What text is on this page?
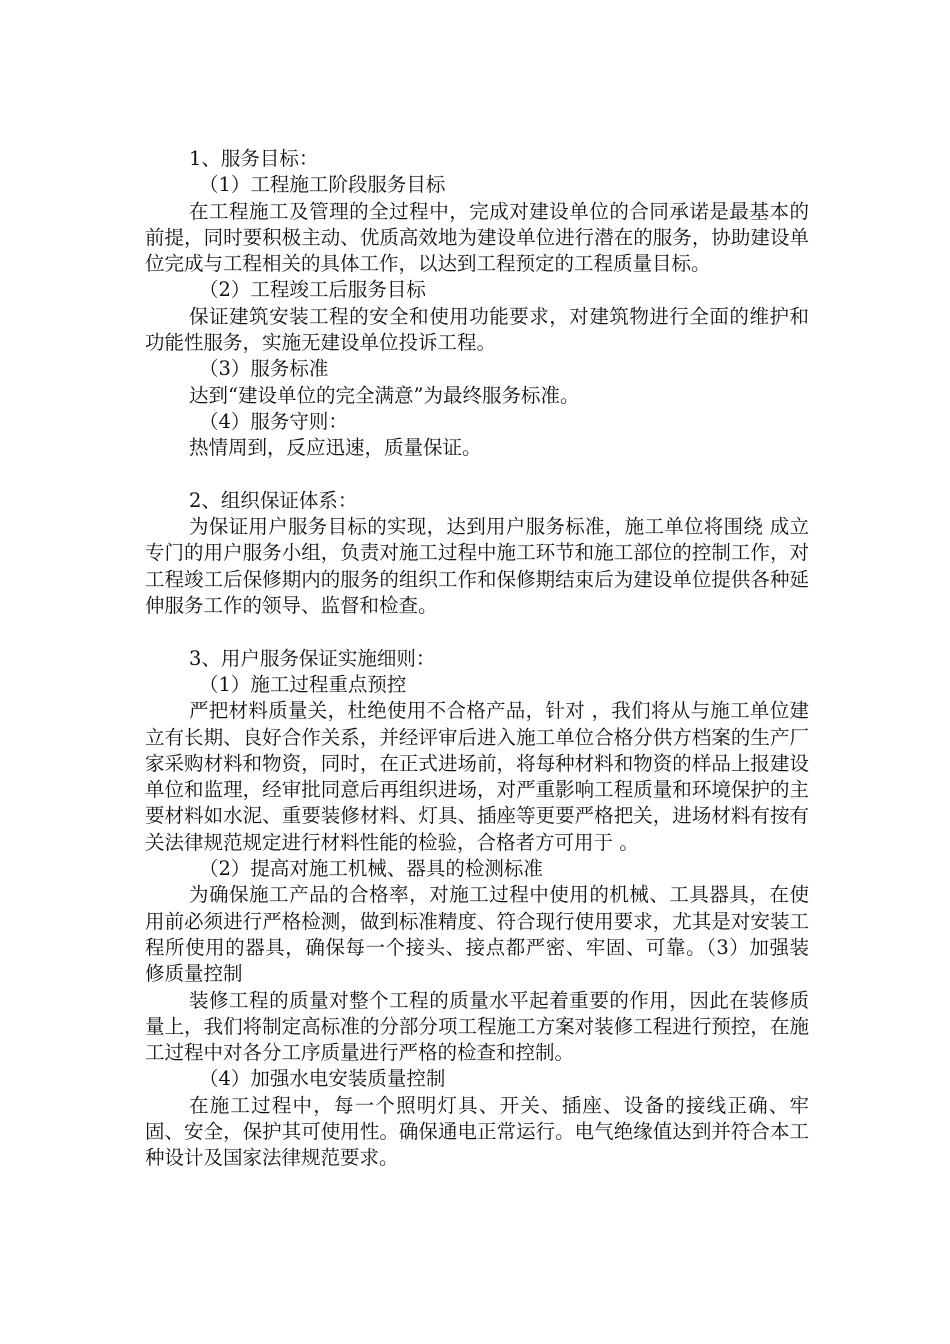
1、服务目标：
（1）工程施工阶段服务目标
在工程施工及管理的全过程中，完成对建设单位的合同承诺是最基本的前提，同时要积极主动、优质高效地为建设单位进行潜在的服务，协助建设单位完成与工程相关的具体工作，以达到工程预定的工程质量目标。
（2）工程竣工后服务目标
保证建筑安装工程的安全和使用功能要求，对建筑物进行全面的维护和功能性服务，实施无建设单位投诉工程。
（3）服务标准
达到“建设单位的完全满意”为最终服务标准。
（4）服务守则：
热情周到，反应迅速，质量保证。
2、组织保证体系：
为保证用户服务目标的实现，达到用户服务标准，施工单位将围绕 成立专门的用户服务小组，负责对施工过程中施工环节和施工部位的控制工作，对工程竣工后保修期内的服务的组织工作和保修期结束后为建设单位提供各种延伸服务工作的领导、监督和检查。
3、用户服务保证实施细则：
（1）施工过程重点预控
严把材料质量关，杜绝使用不合格产品，针对 ，我们将从与施工单位建立有长期、良好合作关系，并经评审后进入施工单位合格分供方档案的生产厂家采购材料和物资，同时，在正式进场前，将每种材料和物资的样品上报建设单位和监理，经审批同意后再组织进场，对严重影响工程质量和环境保护的主要材料如水泥、重要装修材料、灯具、插座等更要严格把关，进场材料有按有关法律规范规定进行材料性能的检验，合格者方可用于 。
（2）提高对施工机械、器具的检测标准
为确保施工产品的合格率，对施工过程中使用的机械、工具器具，在使用前必须进行严格检测，做到标准精度、符合现行使用要求，尤其是对安装工程所使用的器具，确保每一个接头、接点都严密、牢固、可靠。（3）加强装修质量控制
装修工程的质量对整个工程的质量水平起着重要的作用，因此在装修质量上，我们将制定高标准的分部分项工程施工方案对装修工程进行预控，在施工过程中对各分工序质量进行严格的检查和控制。
（4）加强水电安装质量控制
在施工过程中，每一个照明灯具、开关、插座、设备的接线正确、牢固、安全，保护其可使用性。确保通电正常运行。电气绝缘值达到并符合本工种设计及国家法律规范要求。
